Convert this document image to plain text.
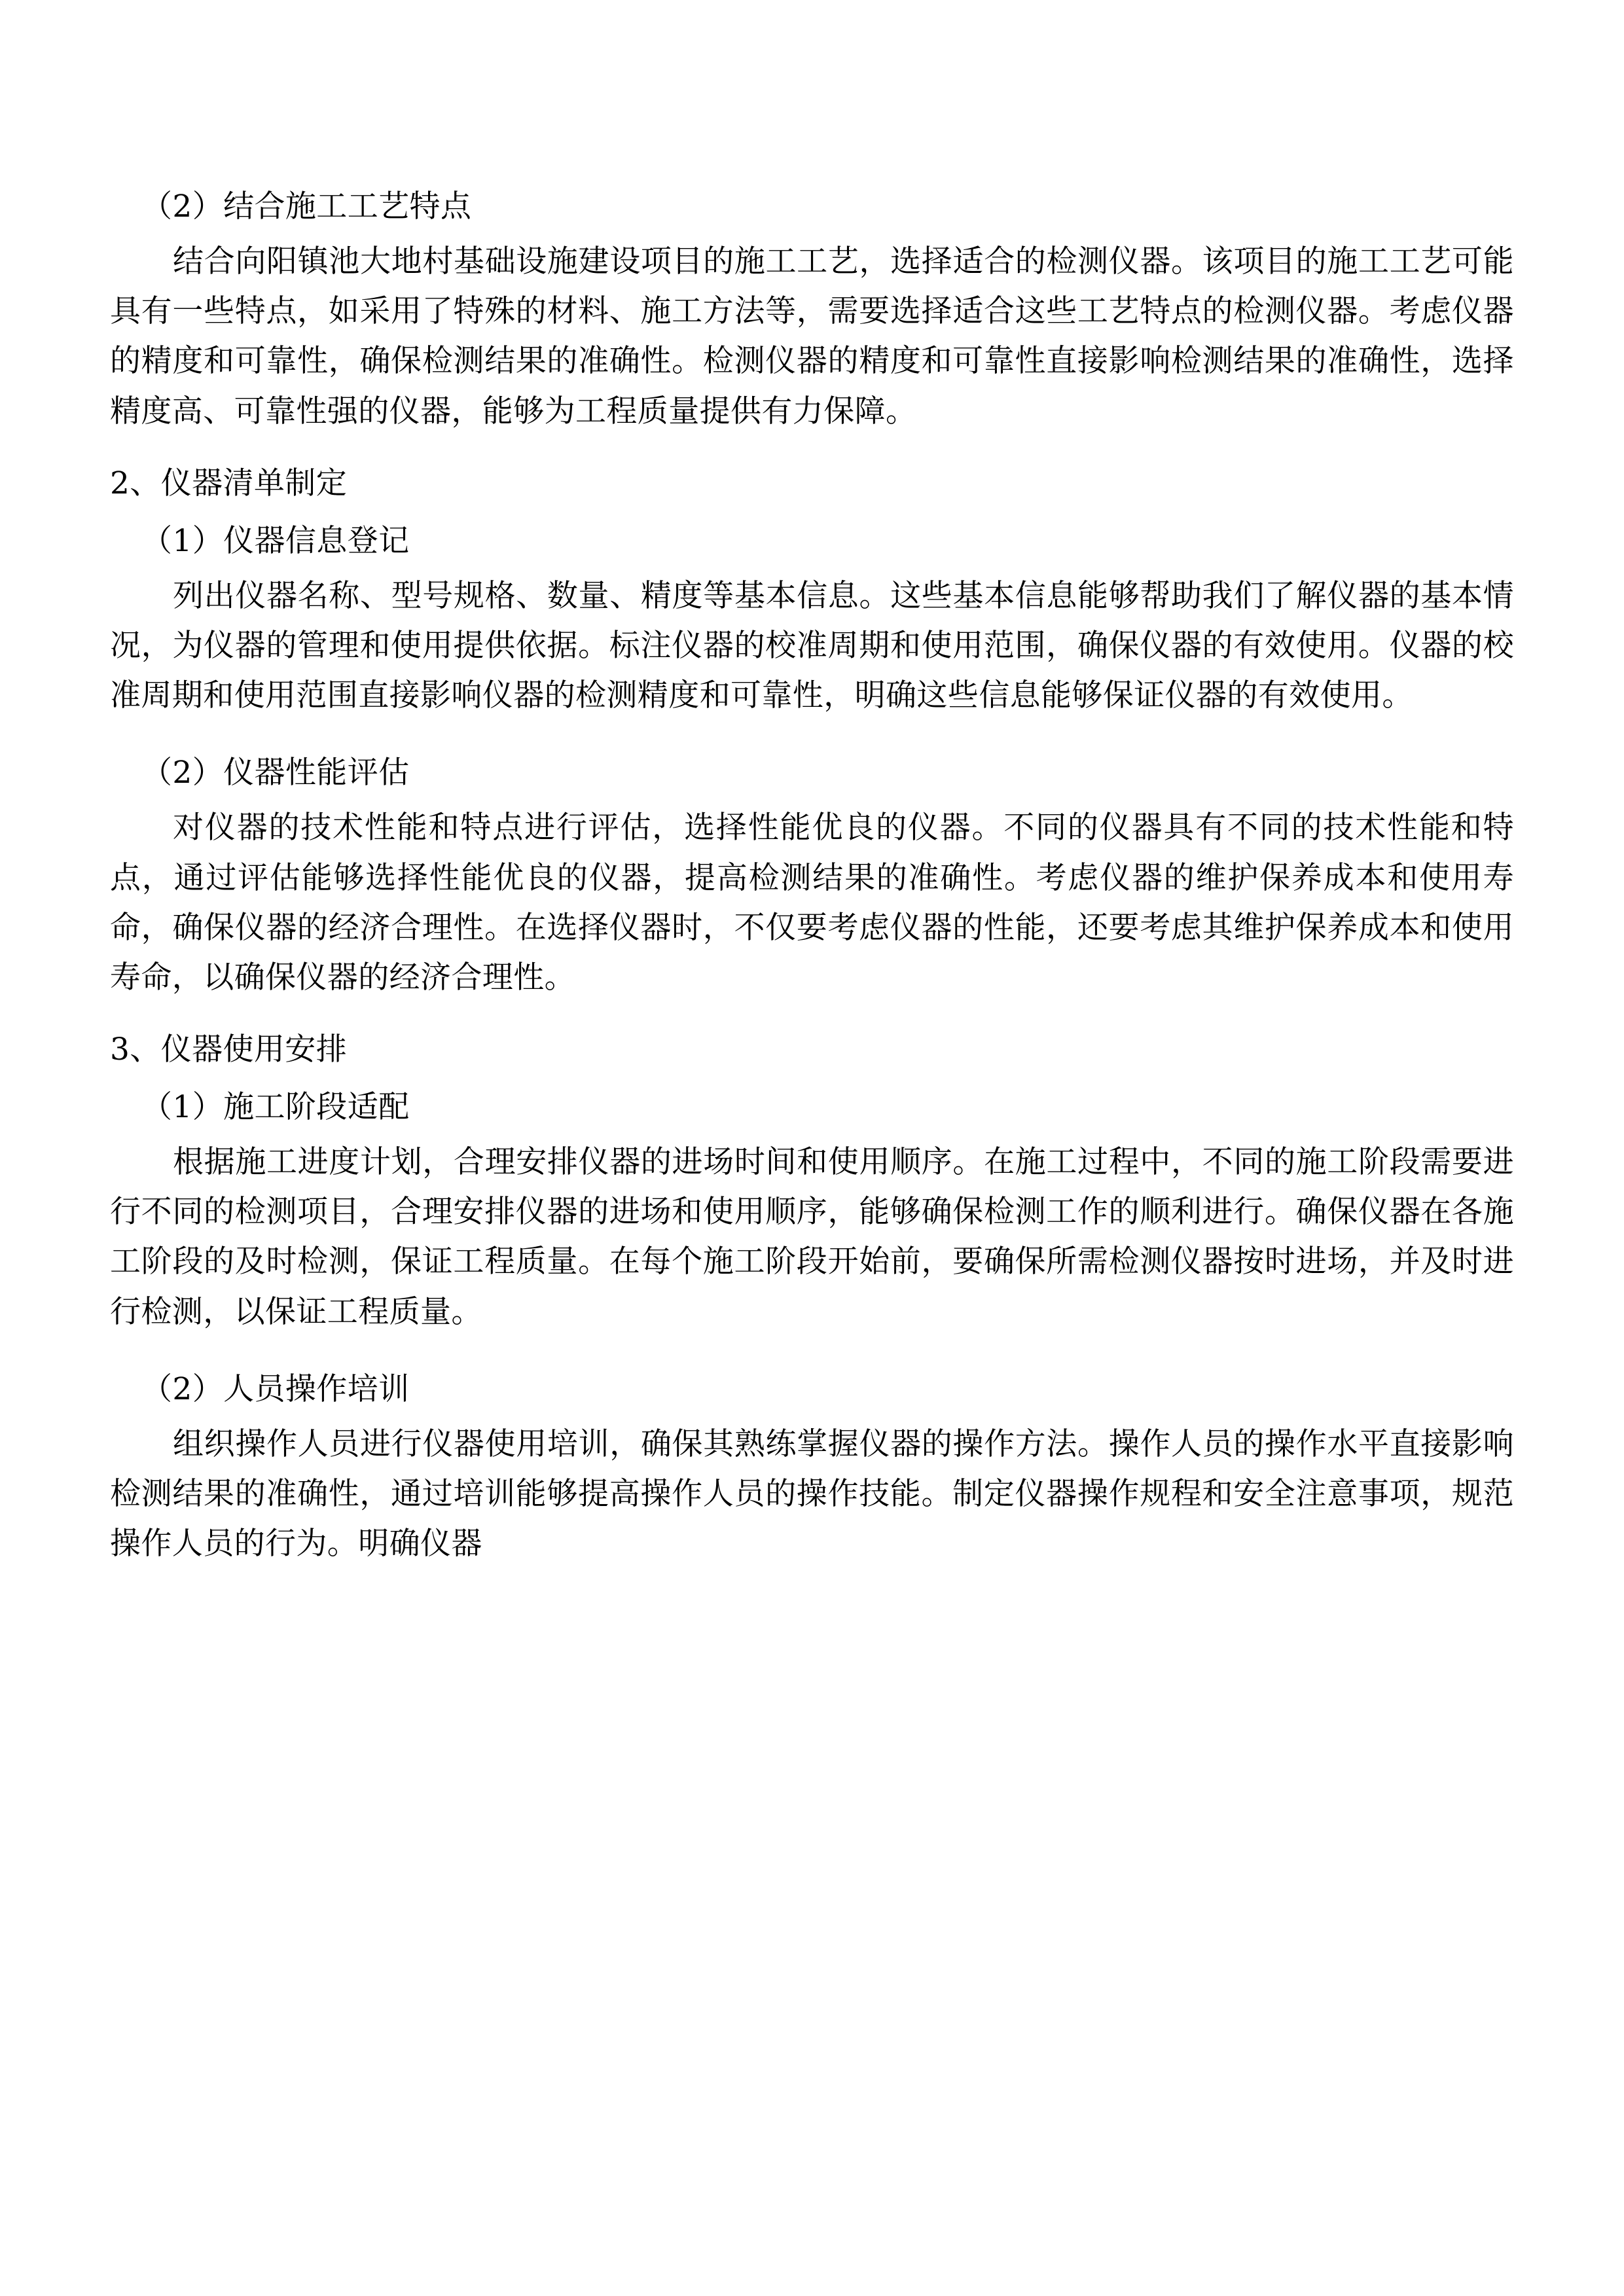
（2）结合施工工艺特点

结合向阳镇池大地村基础设施建设项目的施工工艺，选择适合的检测仪器。该项目的施工工艺可能具有一些特点，如采用了特殊的材料、施工方法等，需要选择适合这些工艺特点的检测仪器。考虑仪器的精度和可靠性，确保检测结果的准确性。检测仪器的精度和可靠性直接影响检测结果的准确性，选择精度高、可靠性强的仪器，能够为工程质量提供有力保障。

2、仪器清单制定

（1）仪器信息登记

列出仪器名称、型号规格、数量、精度等基本信息。这些基本信息能够帮助我们了解仪器的基本情况，为仪器的管理和使用提供依据。标注仪器的校准周期和使用范围，确保仪器的有效使用。仪器的校准周期和使用范围直接影响仪器的检测精度和可靠性，明确这些信息能够保证仪器的有效使用。

（2）仪器性能评估

对仪器的技术性能和特点进行评估，选择性能优良的仪器。不同的仪器具有不同的技术性能和特点，通过评估能够选择性能优良的仪器，提高检测结果的准确性。考虑仪器的维护保养成本和使用寿命，确保仪器的经济合理性。在选择仪器时，不仅要考虑仪器的性能，还要考虑其维护保养成本和使用寿命，以确保仪器的经济合理性。

3、仪器使用安排

（1）施工阶段适配

根据施工进度计划，合理安排仪器的进场时间和使用顺序。在施工过程中，不同的施工阶段需要进行不同的检测项目，合理安排仪器的进场和使用顺序，能够确保检测工作的顺利进行。确保仪器在各施工阶段的及时检测，保证工程质量。在每个施工阶段开始前，要确保所需检测仪器按时进场，并及时进行检测，以保证工程质量。

（2）人员操作培训

组织操作人员进行仪器使用培训，确保其熟练掌握仪器的操作方法。操作人员的操作水平直接影响检测结果的准确性，通过培训能够提高操作人员的操作技能。制定仪器操作规程和安全注意事项，规范操作人员的行为。明确仪器
